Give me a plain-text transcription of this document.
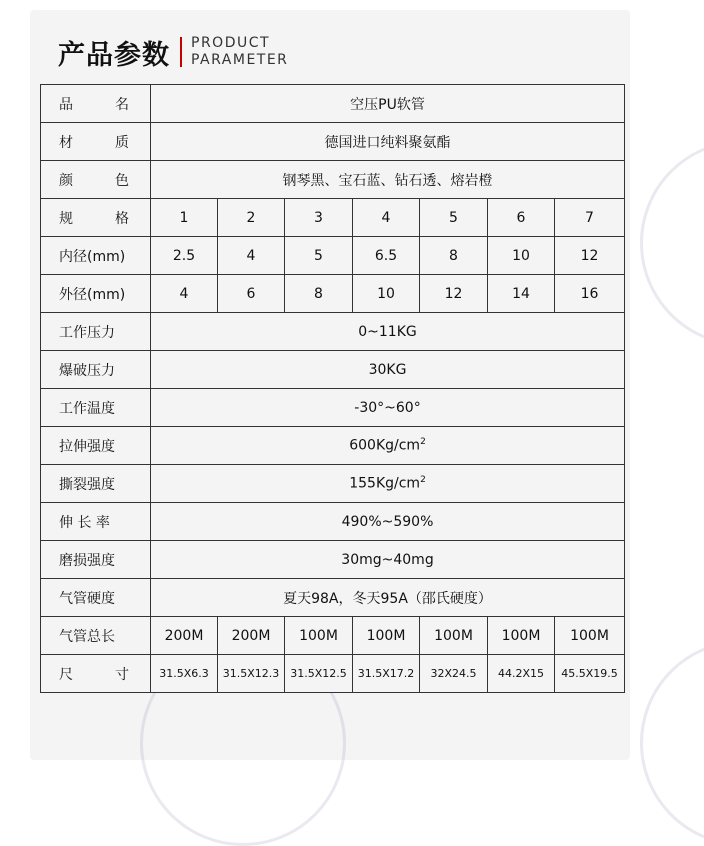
产品参数 PRODUCT
PARAMETER
品 名	空压PU软管						
材 质	德国进口纯料聚氨酯						
颜 色	钢琴黑、宝石蓝、钻石透、熔岩橙						
规 格	1	2	3	4	5	6	7
内径(mm)	2.5	4	5	6.5	8	10	12
外径(mm)	4	6	8	10	12	14	16
工作压力	0~11KG						
爆破压力	30KG						
工作温度	-30°~60°						
拉伸强度	$600Kg/cm^2$
撕裂强度	$155Kg/cm^2$
伸 长 率	490%~590%						
磨损强度	30mg~40mg						
气管硬度	夏天98A，冬天95A（邵氏硬度）						
气管总长	200M	200M	100M	100M	100M	100M	100M
尺 寸	31.5X6.3	31.5X12.3	31.5X12.5	31.5X17.2	32X24.5	44.2X15	45.5X19.5
